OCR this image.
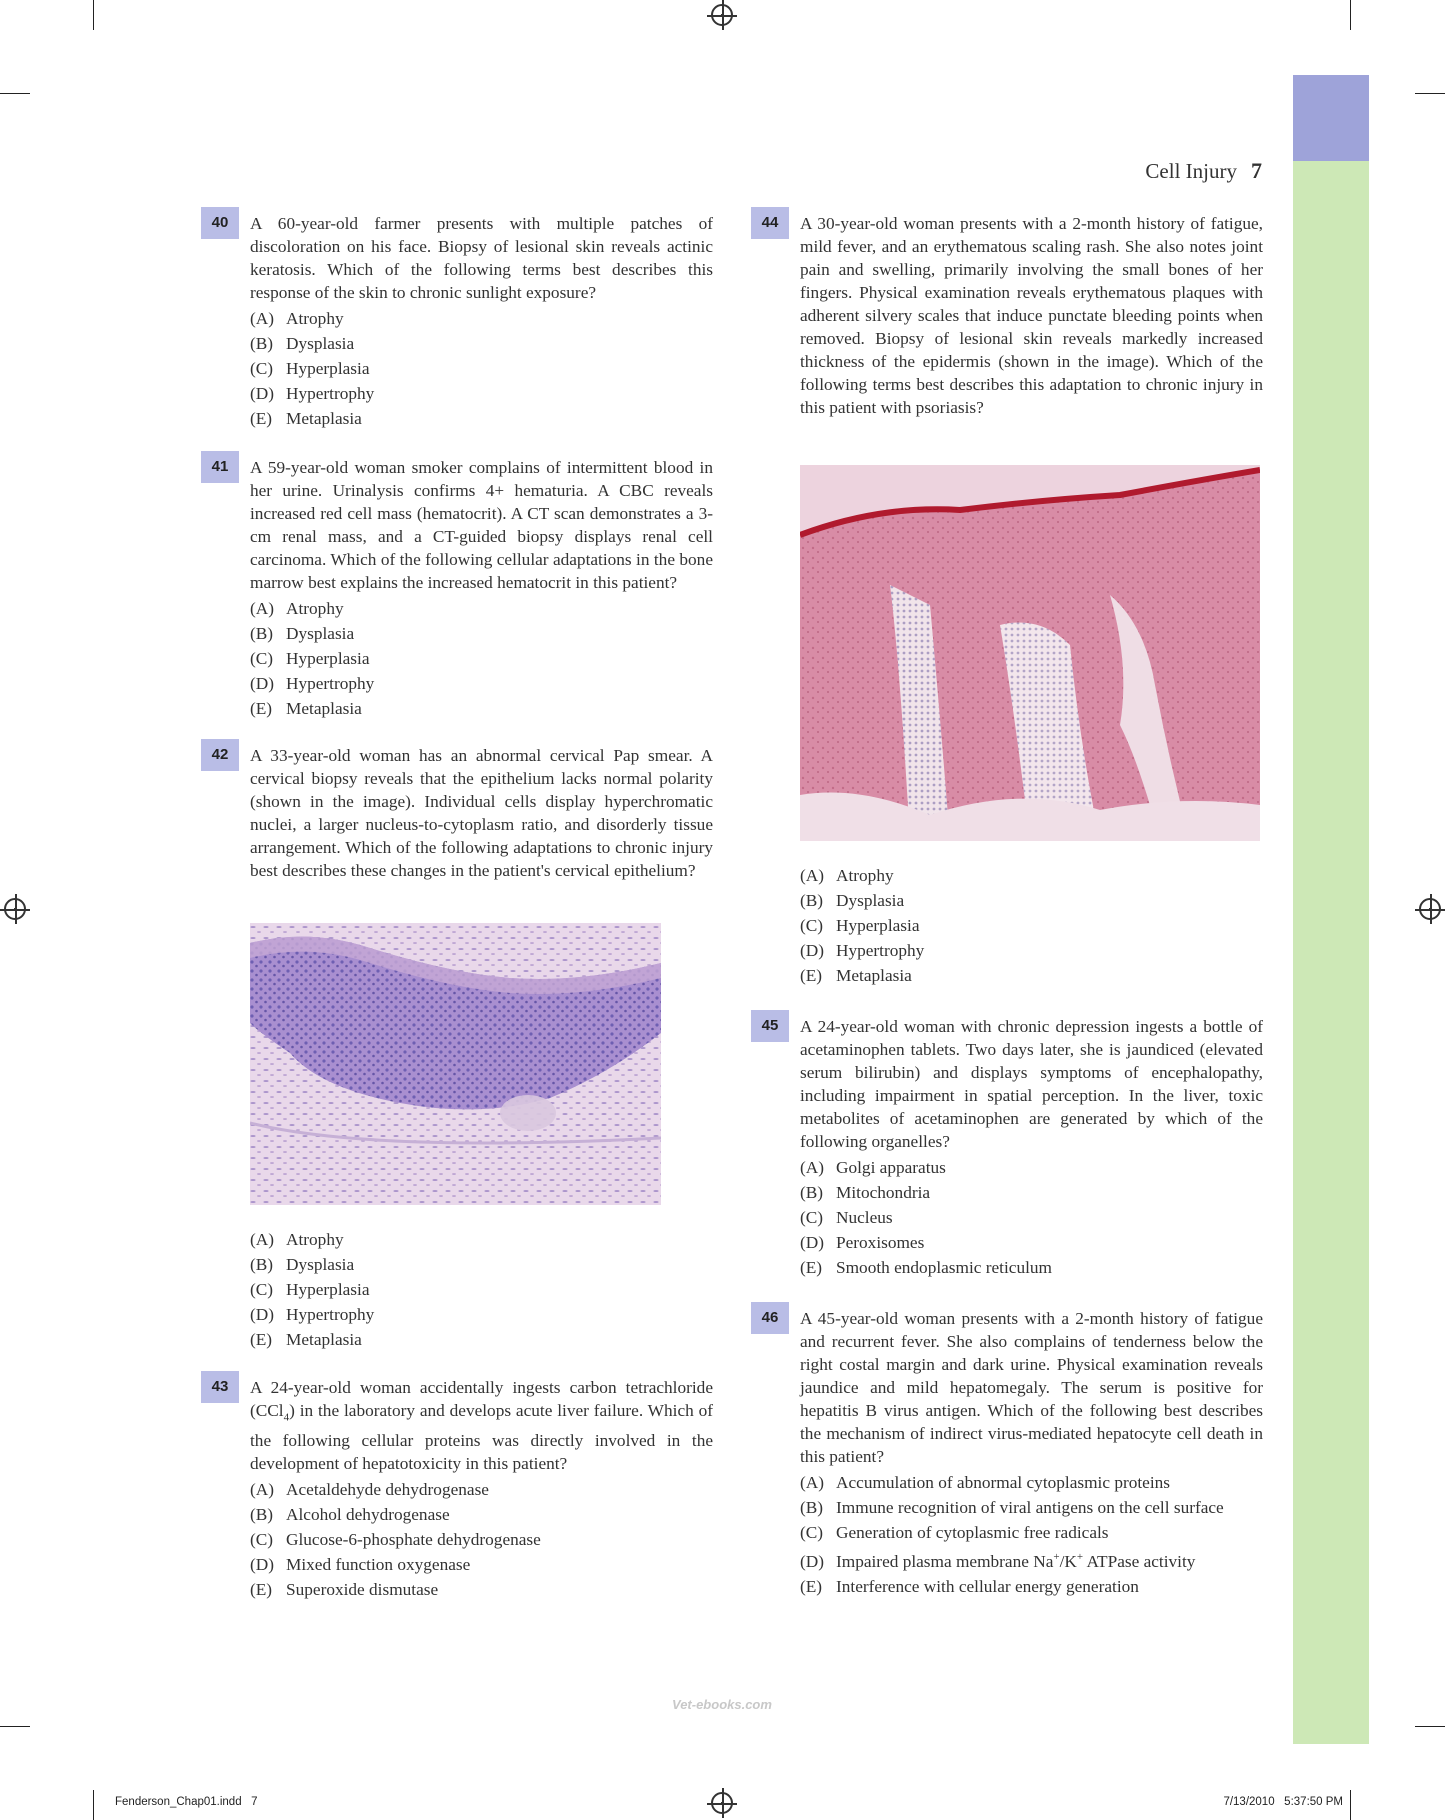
Cell Injury 7
40	A 60-year-old farmer presents with multiple patches of discoloration on his face. Biopsy of lesional skin reveals actinic keratosis. Which of the following terms best describes this response of the skin to chronic sunlight exposure?

(A) Atrophy
(B) Dysplasia
(C) Hyperplasia
(D) Hypertrophy
(E) Metaplasia
41	A 59-year-old woman smoker complains of intermittent blood in her urine. Urinalysis confirms 4+ hematuria. A CBC reveals increased red cell mass (hematocrit). A CT scan demonstrates a 3-cm renal mass, and a CT-guided biopsy displays renal cell carcinoma. Which of the following cellular adaptations in the bone marrow best explains the increased hematocrit in this patient?

(A) Atrophy
(B) Dysplasia
(C) Hyperplasia
(D) Hypertrophy
(E) Metaplasia
42	A 33-year-old woman has an abnormal cervical Pap smear. A cervical biopsy reveals that the epithelium lacks normal polarity (shown in the image). Individual cells display hyperchromatic nuclei, a larger nucleus-to-cytoplasm ratio, and disorderly tissue arrangement. Which of the following adaptations to chronic injury best describes these changes in the patient's cervical epithelium?

(A) Atrophy
(B) Dysplasia
(C) Hyperplasia
(D) Hypertrophy
(E) Metaplasia
43	A 24-year-old woman accidentally ingests carbon tetrachloride (CCl$_4$) in the laboratory and develops acute liver failure. Which of the following cellular proteins was directly involved in the development of hepatotoxicity in this patient?

(A) Acetaldehyde dehydrogenase
(B) Alcohol dehydrogenase
(C) Glucose-6-phosphate dehydrogenase
(D) Mixed function oxygenase
(E) Superoxide dismutase
44	A 30-year-old woman presents with a 2-month history of fatigue, mild fever, and an erythematous scaling rash. She also notes joint pain and swelling, primarily involving the small bones of her fingers. Physical examination reveals erythematous plaques with adherent silvery scales that induce punctate bleeding points when removed. Biopsy of lesional skin reveals markedly increased thickness of the epidermis (shown in the image). Which of the following terms best describes this adaptation to chronic injury in this patient with psoriasis?

(A) Atrophy
(B) Dysplasia
(C) Hyperplasia
(D) Hypertrophy
(E) Metaplasia
45	A 24-year-old woman with chronic depression ingests a bottle of acetaminophen tablets. Two days later, she is jaundiced (elevated serum bilirubin) and displays symptoms of encephalopathy, including impairment in spatial perception. In the liver, toxic metabolites of acetaminophen are generated by which of the following organelles?

(A) Golgi apparatus
(B) Mitochondria
(C) Nucleus
(D) Peroxisomes
(E) Smooth endoplasmic reticulum
46	A 45-year-old woman presents with a 2-month history of fatigue and recurrent fever. She also complains of tenderness below the right costal margin and dark urine. Physical examination reveals jaundice and mild hepatomegaly. The serum is positive for hepatitis B virus antigen. Which of the following best describes the mechanism of indirect virus-mediated hepatocyte cell death in this patient?

(A) Accumulation of abnormal cytoplasmic proteins
(B) Immune recognition of viral antigens on the cell surface
(C) Generation of cytoplasmic free radicals
(D) Impaired plasma membrane Na+/K+ ATPase activity
(E) Interference with cellular energy generation
Vet-ebooks.com
Fenderson_Chap01.indd   7	7/13/2010   5:37:50 PM
